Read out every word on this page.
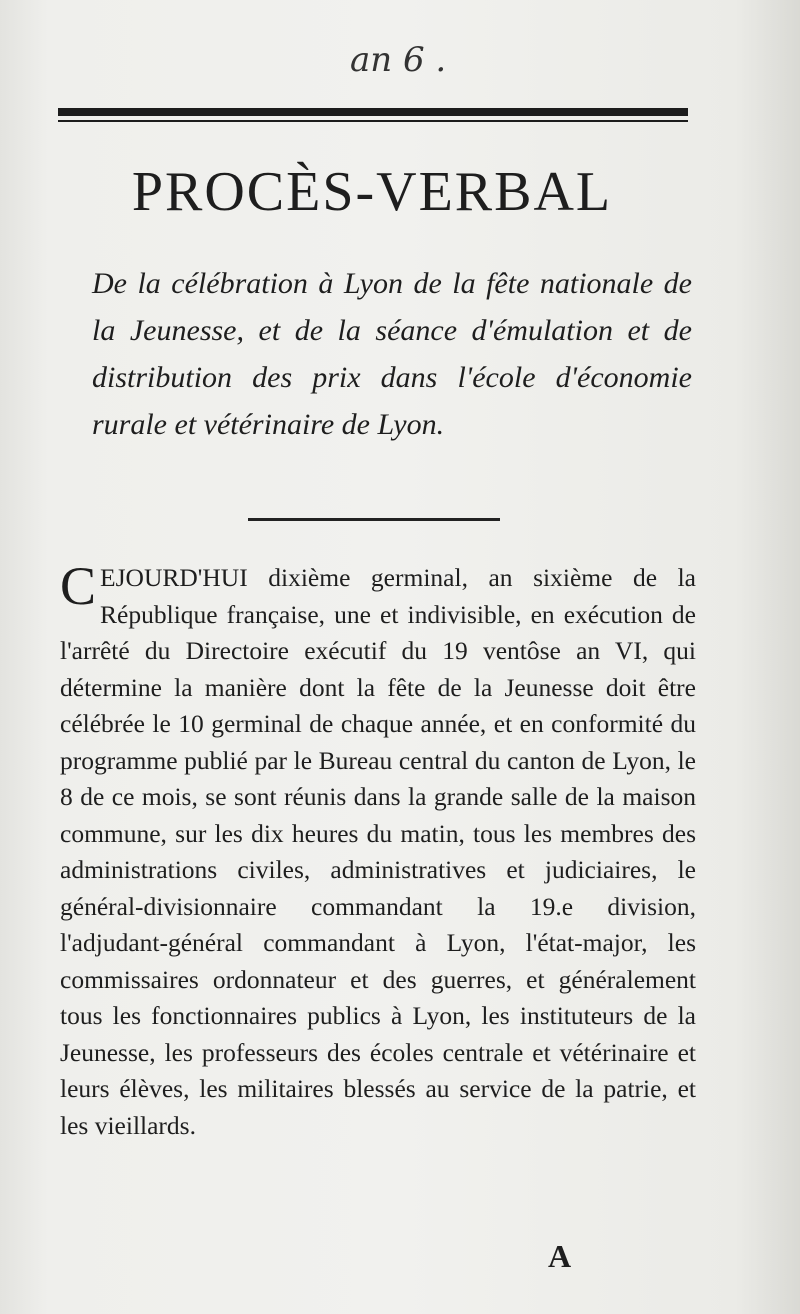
an 6 .
PROCÈS-VERBAL

De la célébration à Lyon de la fête nationale de la Jeunesse, et de la séance d'émulation et de distribution des prix dans l'école d'économie rurale et vétérinaire de Lyon.

CEJOURD'HUI dixième germinal, an sixième de la République française, une et indivisible, en exécution de l'arrêté du Directoire exécutif du 19 ventôse an VI, qui détermine la manière dont la fête de la Jeunesse doit être célébrée le 10 germinal de chaque année, et en conformité du programme publié par le Bureau central du canton de Lyon, le 8 de ce mois, se sont réunis dans la grande salle de la maison commune, sur les dix heures du matin, tous les membres des administrations civiles, administratives et judiciaires, le général-divisionnaire commandant la 19.e division, l'adjudant-général commandant à Lyon, l'état-major, les commissaires ordonnateur et des guerres, et généralement tous les fonctionnaires publics à Lyon, les instituteurs de la Jeunesse, les professeurs des écoles centrale et vétérinaire et leurs élèves, les militaires blessés au service de la patrie, et les vieillards.

A
